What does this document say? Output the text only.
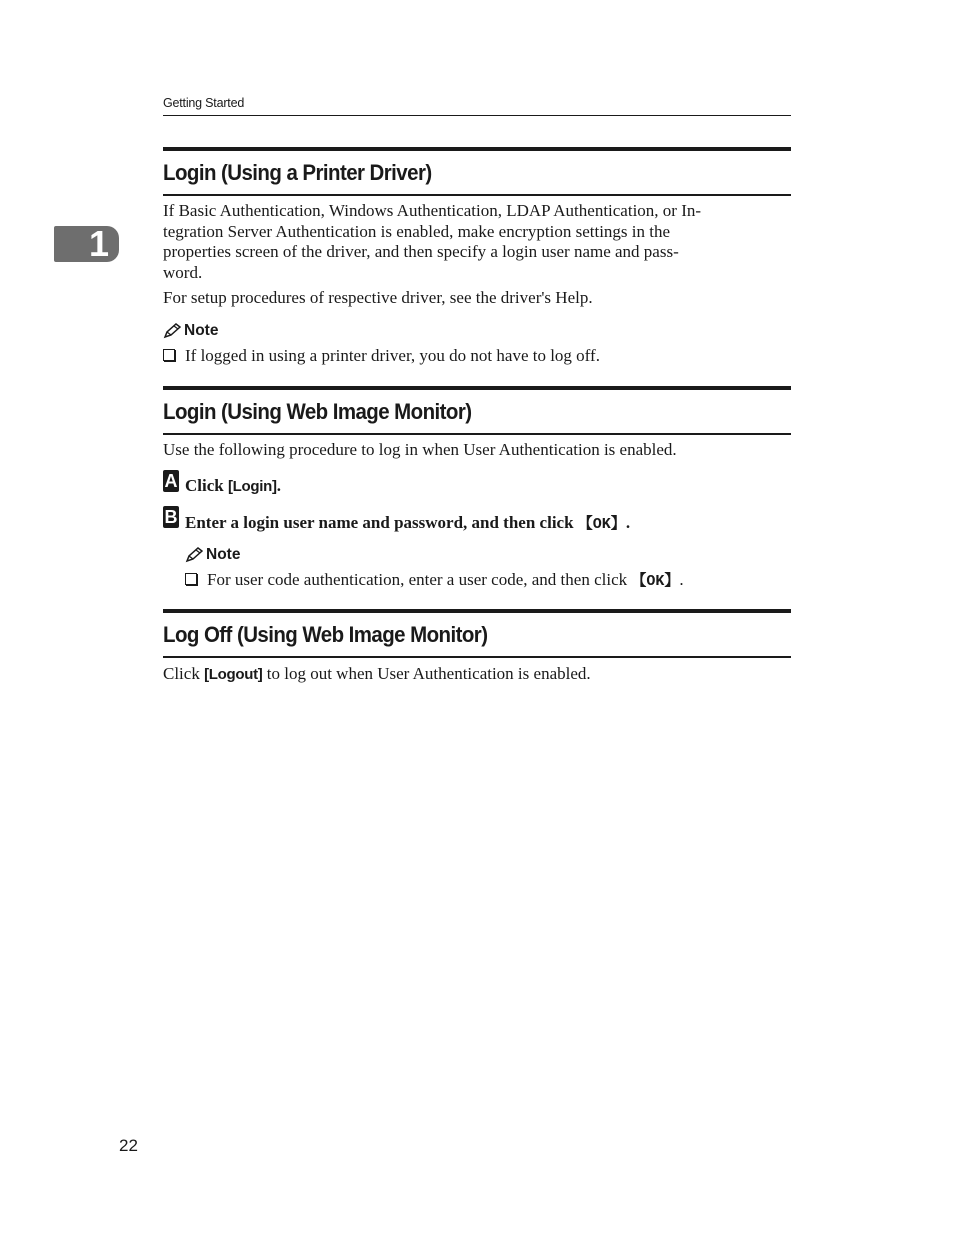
Getting Started
1
Login (Using a Printer Driver)
If Basic Authentication, Windows Authentication, LDAP Authentication, or In-
tegration Server Authentication is enabled, make encryption settings in the
properties screen of the driver, and then specify a login user name and pass-
word.
For setup procedures of respective driver, see the driver's Help.
Note
If logged in using a printer driver, you do not have to log off.
Login (Using Web Image Monitor)
Use the following procedure to log in when User Authentication is enabled.
A Click [Login].
B Enter a login user name and password, and then click 【OK】.
Note
For user code authentication, enter a user code, and then click 【OK】.
Log Off (Using Web Image Monitor)
Click [Logout] to log out when User Authentication is enabled.
22
